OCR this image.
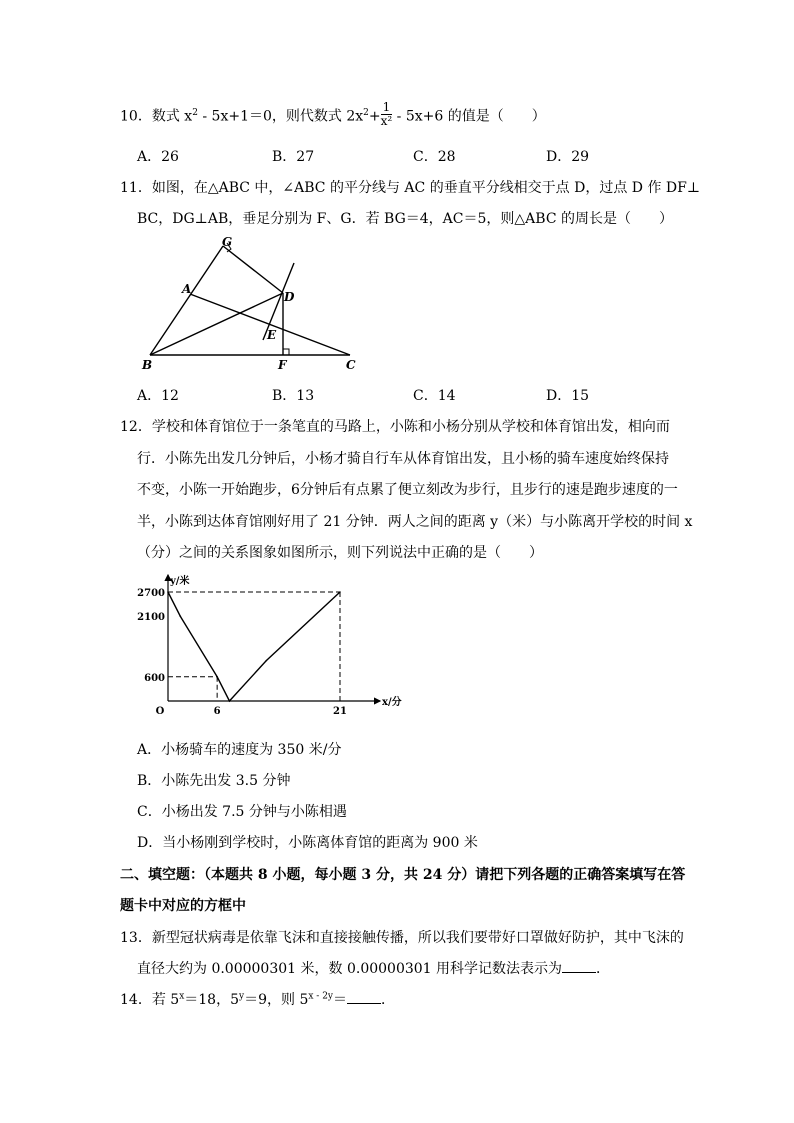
10．数式 $x^2 - 5x+1=0$，则代数式 $2x^2+ \frac{1}{\text{x²}} - 5x+6$ 的值是（　　）
A．26	B．27	C．28	D．29
11．如图，在△ABC 中，∠ABC 的平分线与 AC 的垂直平分线相交于点 D，过点 D 作 DF⊥
BC，DG⊥AB，垂足分别为 F、G．若 BG＝4，AC＝5，则△ABC 的周长是（　　）
G
A
D
E
B	F	C
A．12	B．13	C．14	D．15
12．学校和体育馆位于一条笔直的马路上，小陈和小杨分别从学校和体育馆出发，相向而
行．小陈先出发几分钟后，小杨才骑自行车从体育馆出发，且小杨的骑车速度始终保持
不变，小陈一开始跑步，6分钟后有点累了便立刻改为步行，且步行的速是跑步速度的一
半，小陈到达体育馆刚好用了 21 分钟．两人之间的距离 y（米）与小陈离开学校的时间 x
（分）之间的关系图象如图所示，则下列说法中正确的是（　　）
2700
2100
600
6	21
O
y/米
x/分
A．小杨骑车的速度为 350 米/分
B．小陈先出发 3.5 分钟
C．小杨出发 7.5 分钟与小陈相遇
D．当小杨刚到学校时，小陈离体育馆的距离为 900 米
二、填空题：（本题共 8 小题，每小题 3 分，共 24 分）请把下列各题的正确答案填写在答
题卡中对应的方框中
13．新型冠状病毒是依靠飞沫和直接接触传播，所以我们要带好口罩做好防护，其中飞沫的
直径大约为 0.00000301 米，数 0.00000301 用科学记数法表示为 ．
14．若 $5^x=18$，$5^y=9$，则 $5^{x - 2y}=$ ．
